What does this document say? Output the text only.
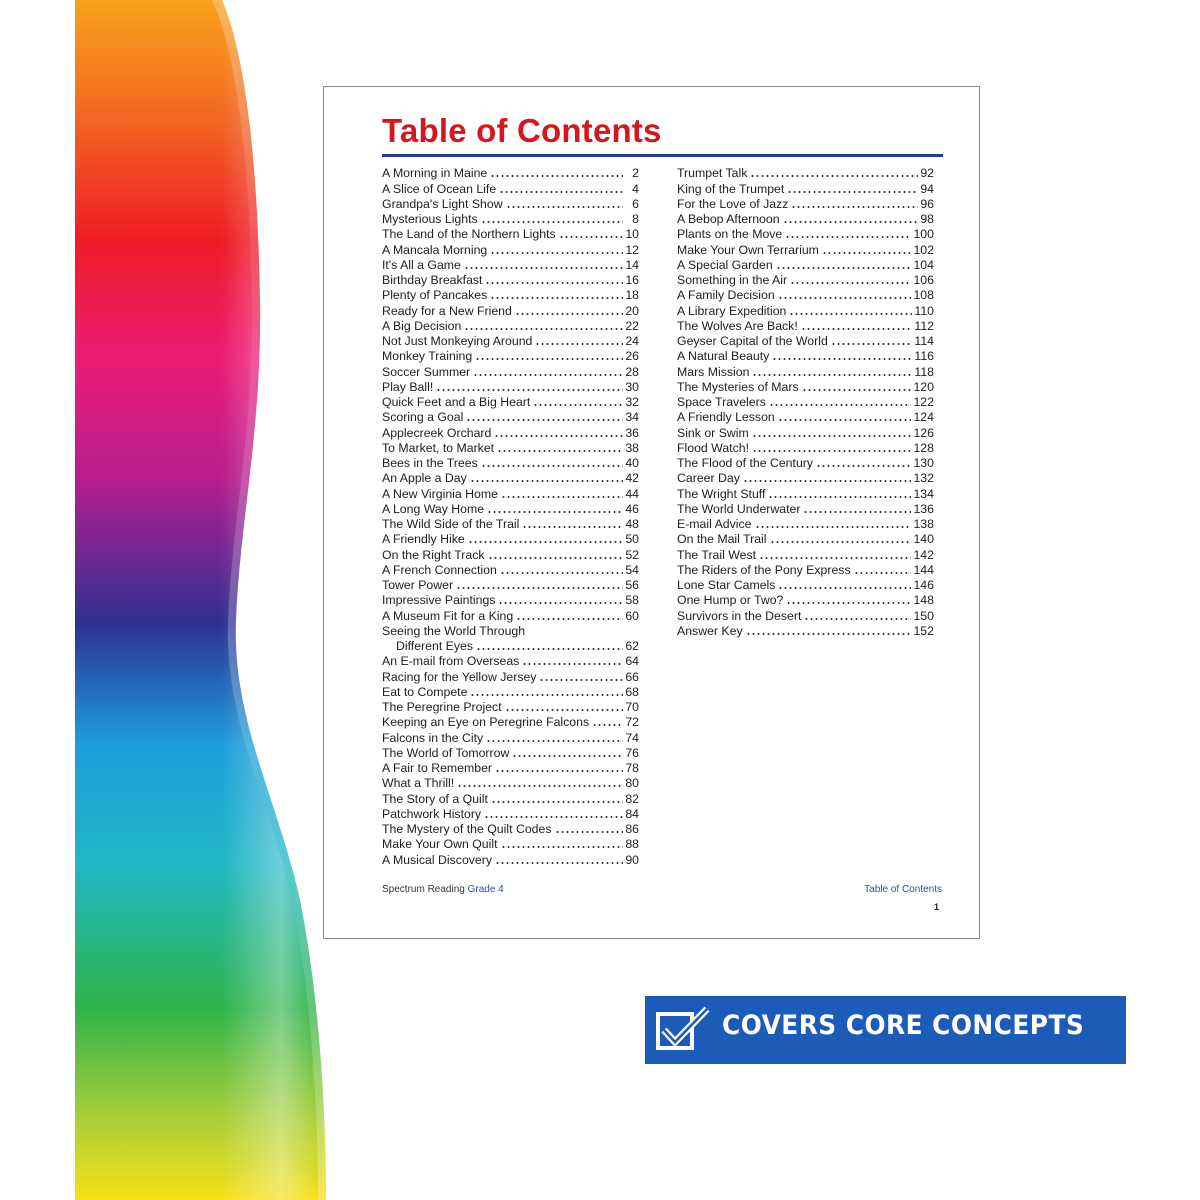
Table of Contents
A Morning in Maine	2
A Slice of Ocean Life	4
Grandpa's Light Show	6
Mysterious Lights	8
The Land of the Northern Lights	10
A Mancala Morning	12
It's All a Game	14
Birthday Breakfast	16
Plenty of Pancakes	18
Ready for a New Friend	20
A Big Decision	22
Not Just Monkeying Around	24
Monkey Training	26
Soccer Summer	28
Play Ball!	30
Quick Feet and a Big Heart	32
Scoring a Goal	34
Applecreek Orchard	36
To Market, to Market	38
Bees in the Trees	40
An Apple a Day	42
A New Virginia Home	44
A Long Way Home	46
The Wild Side of the Trail	48
A Friendly Hike	50
On the Right Track	52
A French Connection	54
Tower Power	56
Impressive Paintings	58
A Museum Fit for a King	60
Seeing the World Through
Different Eyes	62
An E-mail from Overseas	64
Racing for the Yellow Jersey	66
Eat to Compete	68
The Peregrine Project	70
Keeping an Eye on Peregrine Falcons	72
Falcons in the City	74
The World of Tomorrow	76
A Fair to Remember	78
What a Thrill!	80
The Story of a Quilt	82
Patchwork History	84
The Mystery of the Quilt Codes	86
Make Your Own Quilt	88
A Musical Discovery	90
Trumpet Talk	92
King of the Trumpet	94
For the Love of Jazz	96
A Bebop Afternoon	98
Plants on the Move	100
Make Your Own Terrarium	102
A Special Garden	104
Something in the Air	106
A Family Decision	108
A Library Expedition	110
The Wolves Are Back!	112
Geyser Capital of the World	114
A Natural Beauty	116
Mars Mission	118
The Mysteries of Mars	120
Space Travelers	122
A Friendly Lesson	124
Sink or Swim	126
Flood Watch!	128
The Flood of the Century	130
Career Day	132
The Wright Stuff	134
The World Underwater	136
E-mail Advice	138
On the Mail Trail	140
The Trail West	142
The Riders of the Pony Express	144
Lone Star Camels	146
One Hump or Two?	148
Survivors in the Desert	150
Answer Key	152
Spectrum Reading Grade 4	Table of Contents
1
COVERS CORE CONCEPTS
